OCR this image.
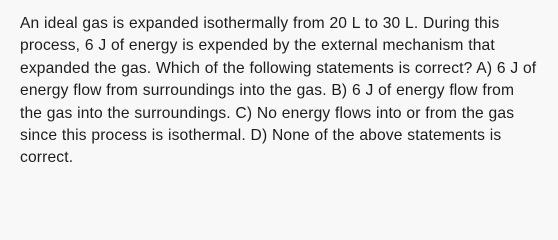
An ideal gas is expanded isothermally from 20 L to 30 L. During this process, 6 J of energy is expended by the external mechanism that expanded the gas. Which of the following statements is correct? A) 6 J of energy flow from surroundings into the gas. B) 6 J of energy flow from the gas into the surroundings. C) No energy flows into or from the gas since this process is isothermal. D) None of the above statements is correct.
